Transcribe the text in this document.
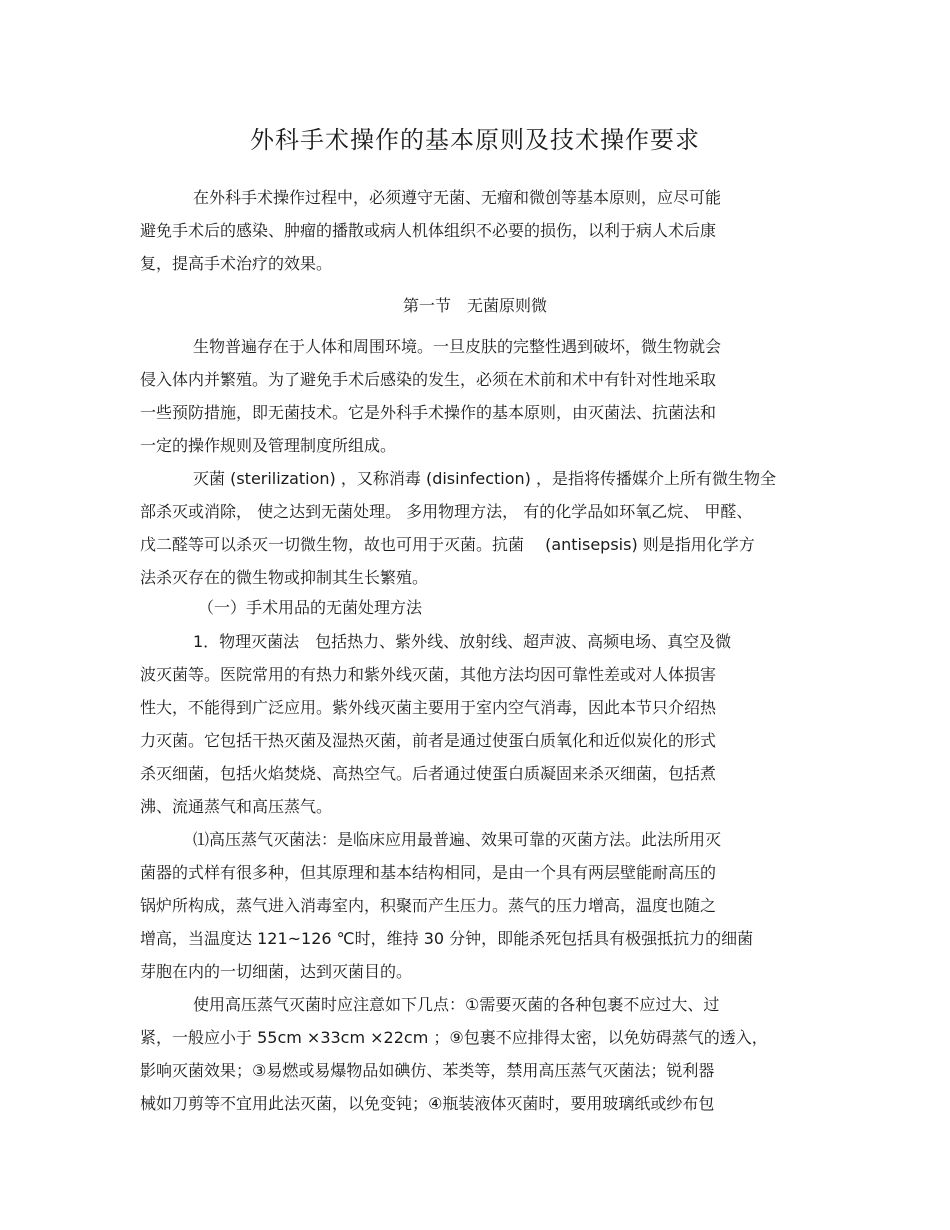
外科手术操作的基本原则及技术操作要求
在外科手术操作过程中，必须遵守无菌、无瘤和微创等基本原则，应尽可能
避免手术后的感染、肿瘤的播散或病人机体组织不必要的损伤，以利于病人术后康
复，提高手术治疗的效果。
第一节　无菌原则微
生物普遍存在于人体和周围环境。一旦皮肤的完整性遇到破坏，微生物就会
侵入体内并繁殖。为了避免手术后感染的发生，必须在术前和术中有针对性地采取
一些预防措施，即无菌技术。它是外科手术操作的基本原则，由灭菌法、抗菌法和
一定的操作规则及管理制度所组成。
灭菌 (sterilization) ，又称消毒 (disinfection) ，是指将传播媒介上所有微生物全
部杀灭或消除， 使之达到无菌处理。 多用物理方法， 有的化学品如环氧乙烷、 甲醛、
戊二醛等可以杀灭一切微生物，故也可用于灭菌。抗菌　 (antisepsis) 则是指用化学方
法杀灭存在的微生物或抑制其生长繁殖。
（一）手术用品的无菌处理方法
1．物理灭菌法　包括热力、紫外线、放射线、超声波、高频电场、真空及微
波灭菌等。医院常用的有热力和紫外线灭菌，其他方法均因可靠性差或对人体损害
性大，不能得到广泛应用。紫外线灭菌主要用于室内空气消毒，因此本节只介绍热
力灭菌。它包括干热灭菌及湿热灭菌，前者是通过使蛋白质氧化和近似炭化的形式
杀灭细菌，包括火焰焚烧、高热空气。后者通过使蛋白质凝固来杀灭细菌，包括煮
沸、流通蒸气和高压蒸气。
⑴高压蒸气灭菌法：是临床应用最普遍、效果可靠的灭菌方法。此法所用灭
菌器的式样有很多种，但其原理和基本结构相同，是由一个具有两层壁能耐高压的
锅炉所构成，蒸气进入消毒室内，积聚而产生压力。蒸气的压力增高，温度也随之
增高，当温度达 121~126 ℃时，维持 30 分钟，即能杀死包括具有极强抵抗力的细菌
芽胞在内的一切细菌，达到灭菌目的。
使用高压蒸气灭菌时应注意如下几点：①需要灭菌的各种包裹不应过大、过
紧，一般应小于 55cm ×33cm ×22cm ；⑨包裹不应排得太密，以免妨碍蒸气的透入，
影响灭菌效果；③易燃或易爆物品如碘仿、苯类等，禁用高压蒸气灭菌法；锐利器
械如刀剪等不宜用此法灭菌，以免变钝；④瓶装液体灭菌时，要用玻璃纸或纱布包
